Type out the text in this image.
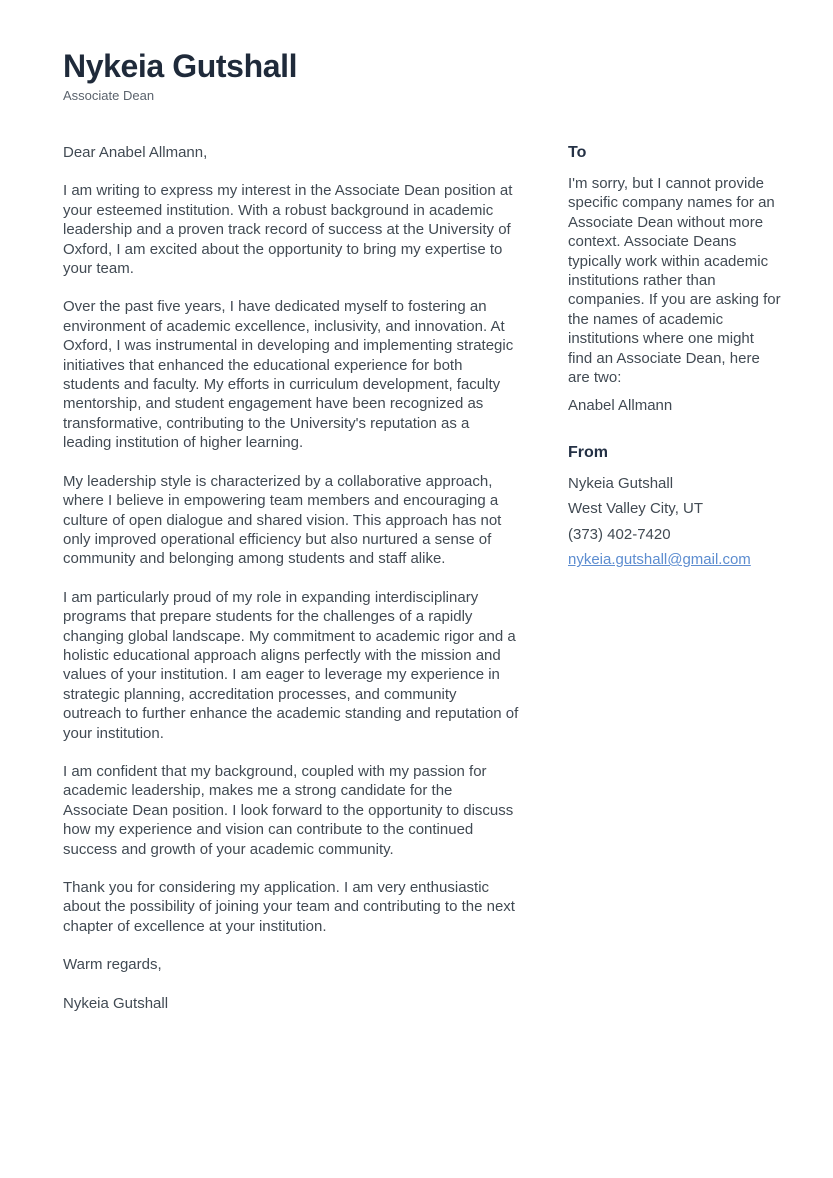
Nykeia Gutshall
Associate Dean

Dear Anabel Allmann,

I am writing to express my interest in the Associate Dean position at your esteemed institution. With a robust background in academic leadership and a proven track record of success at the University of Oxford, I am excited about the opportunity to bring my expertise to your team.

Over the past five years, I have dedicated myself to fostering an environment of academic excellence, inclusivity, and innovation. At Oxford, I was instrumental in developing and implementing strategic initiatives that enhanced the educational experience for both students and faculty. My efforts in curriculum development, faculty mentorship, and student engagement have been recognized as transformative, contributing to the University's reputation as a leading institution of higher learning.

My leadership style is characterized by a collaborative approach, where I believe in empowering team members and encouraging a culture of open dialogue and shared vision. This approach has not only improved operational efficiency but also nurtured a sense of community and belonging among students and staff alike.

I am particularly proud of my role in expanding interdisciplinary programs that prepare students for the challenges of a rapidly changing global landscape. My commitment to academic rigor and a holistic educational approach aligns perfectly with the mission and values of your institution. I am eager to leverage my experience in strategic planning, accreditation processes, and community outreach to further enhance the academic standing and reputation of your institution.

I am confident that my background, coupled with my passion for academic leadership, makes me a strong candidate for the Associate Dean position. I look forward to the opportunity to discuss how my experience and vision can contribute to the continued success and growth of your academic community.

Thank you for considering my application. I am very enthusiastic about the possibility of joining your team and contributing to the next chapter of excellence at your institution.

Warm regards,

Nykeia Gutshall

To

I'm sorry, but I cannot provide specific company names for an Associate Dean without more context. Associate Deans typically work within academic institutions rather than companies. If you are asking for the names of academic institutions where one might find an Associate Dean, here are two:

Anabel Allmann

From

Nykeia Gutshall

West Valley City, UT

(373) 402-7420

nykeia.gutshall@gmail.com
